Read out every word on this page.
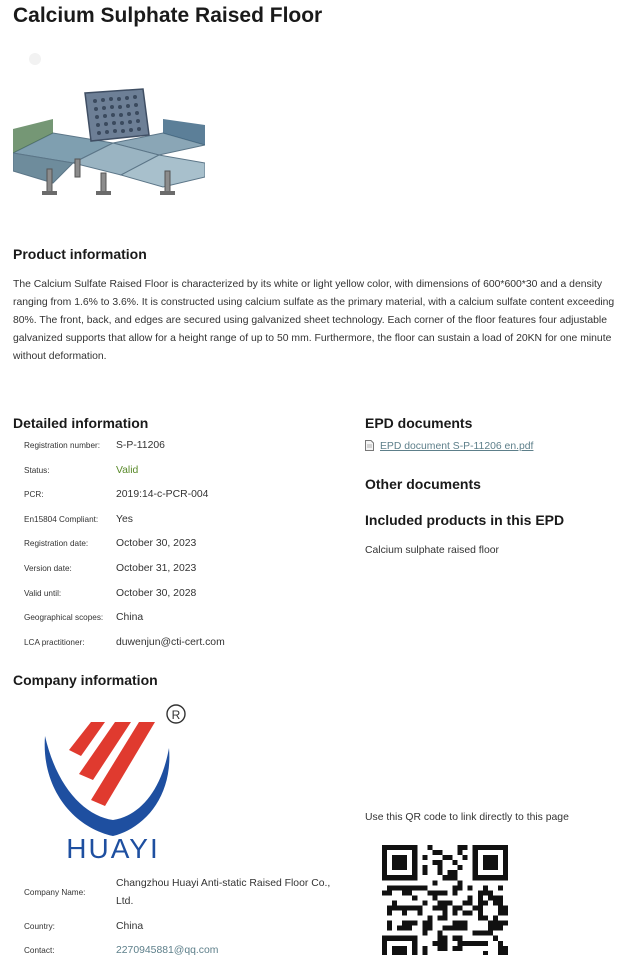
Calcium Sulphate Raised Floor
Product information

The Calcium Sulfate Raised Floor is characterized by its white or light yellow color, with dimensions of 600*600*30 and a density ranging from 1.6% to 3.6%. It is constructed using calcium sulfate as the primary material, with a calcium sulfate content exceeding 80%. The front, back, and edges are secured using galvanized sheet technology. Each corner of the floor features four adjustable galvanized supports that allow for a height range of up to 50 mm. Furthermore, the floor can sustain a load of 20KN for one minute without deformation.

Detailed information
Registration number: S-P-11206
Status:	Valid
PCR:	2019:14-c-PCR-004
En15804 Compliant: Yes
Registration date:	October 30, 2023
Version date:	October 31, 2023
Valid until:	October 30, 2028
Geographical scopes: China
LCA practitioner:	duwenjun@cti-cert.com
EPD documents
EPD document S-P-11206 en.pdf
Other documents
Included products in this EPD
Calcium sulphate raised floor
Company information
HUAYI
R
Use this QR code to link directly to this page
Company Name:
Changzhou Huayi Anti-static Raised Floor Co., Ltd.
Country:	China
Contact:	2270945881@qq.com
